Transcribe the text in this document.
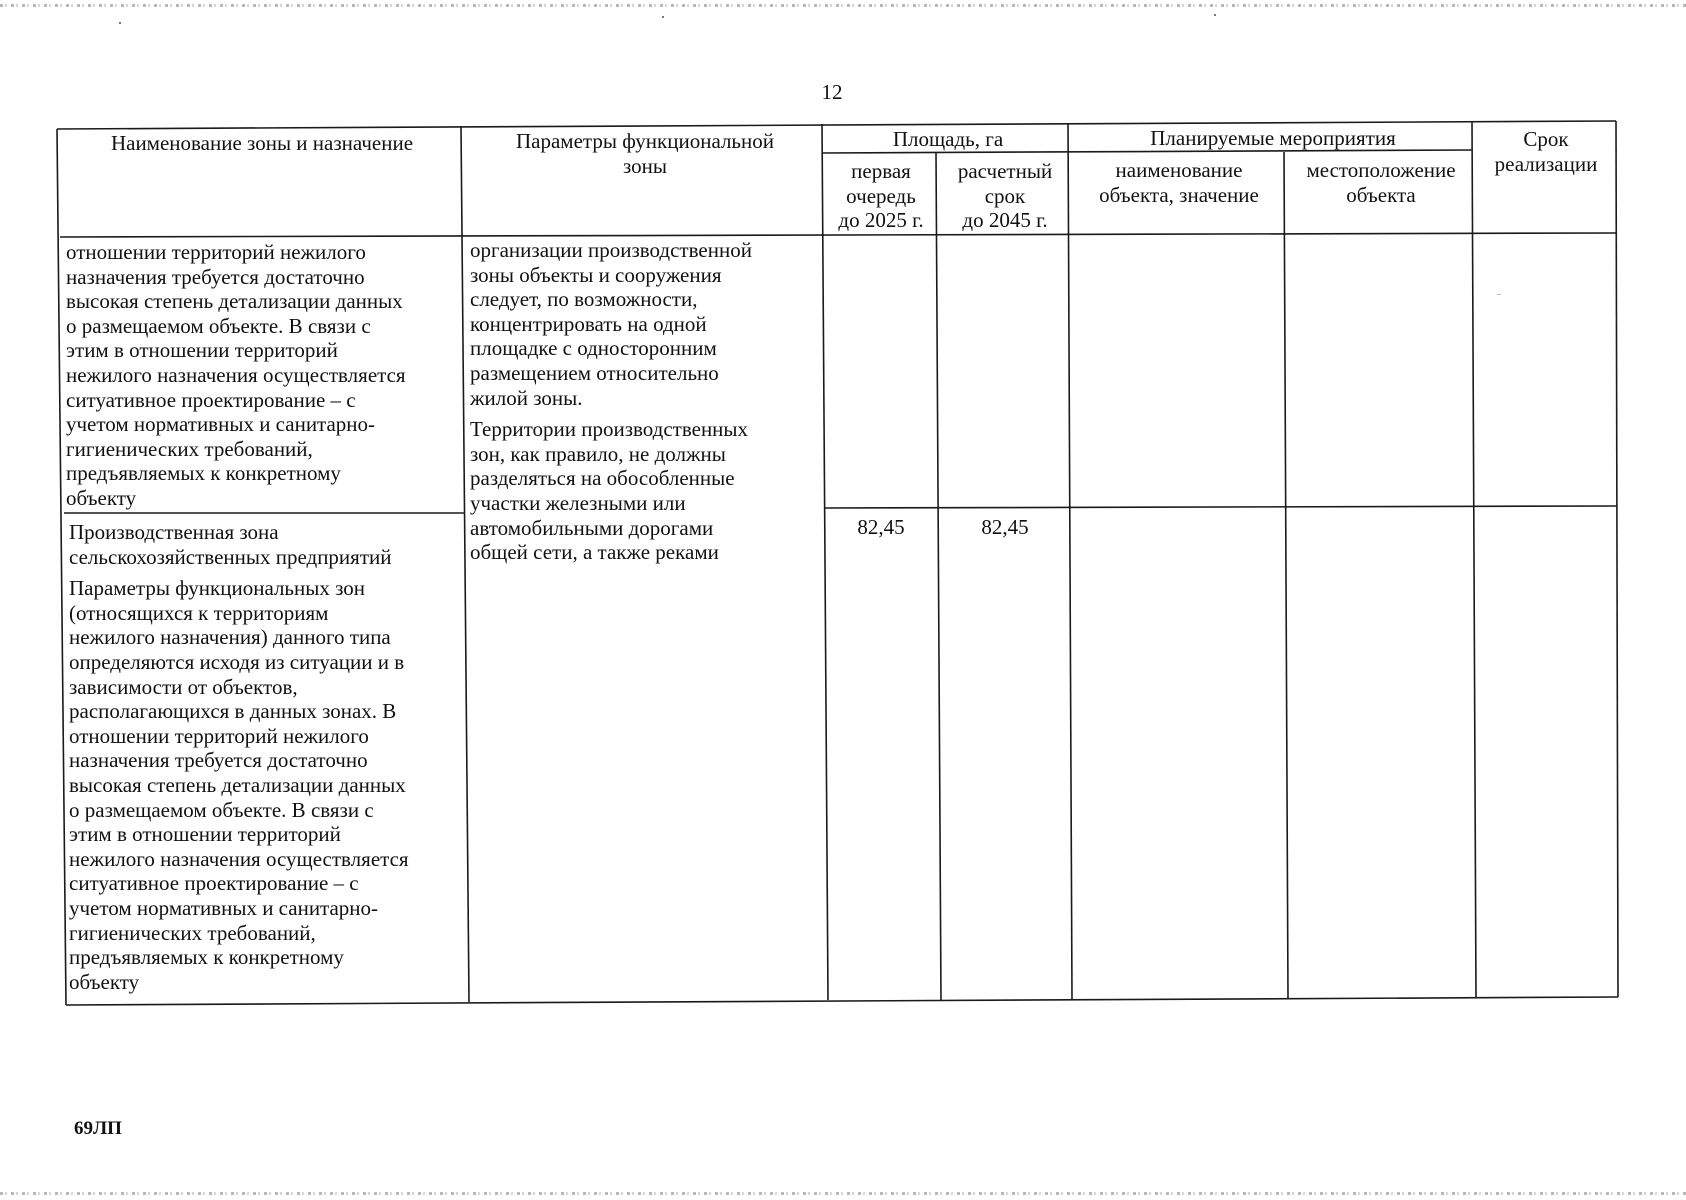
12
Наименование зоны и назначение	Параметры функциональной
зоны
Площадь, га
первая
очередь
до 2025 г.
расчетный
срок
до 2045 г.
Планируемые мероприятия
наименование
объекта, значение
местоположение
объекта
Срок
реализации
отношении территорий нежилого
назначения требуется достаточно
высокая степень детализации данных
о размещаемом объекте. В связи с
этим в отношении территорий
нежилого назначения осуществляется
ситуативное проектирование – с
учетом нормативных и санитарно-
гигиенических требований,
предъявляемых к конкретному
объекту
организации производственной
зоны объекты и сооружения
следует, по возможности,
концентрировать на одной
площадке с односторонним
размещением относительно
жилой зоны.
Территории производственных
зон, как правило, не должны
разделяться на обособленные
участки железными или
автомобильными дорогами
общей сети, а также реками
Производственная зона
сельскохозяйственных предприятий
Параметры функциональных зон
(относящихся к территориям
нежилого назначения) данного типа
определяются исходя из ситуации и в
зависимости от объектов,
располагающихся в данных зонах. В
отношении территорий нежилого
назначения требуется достаточно
высокая степень детализации данных
о размещаемом объекте. В связи с
этим в отношении территорий
нежилого назначения осуществляется
ситуативное проектирование – с
учетом нормативных и санитарно-
гигиенических требований,
предъявляемых к конкретному
объекту
82,45	82,45
69ЛП
